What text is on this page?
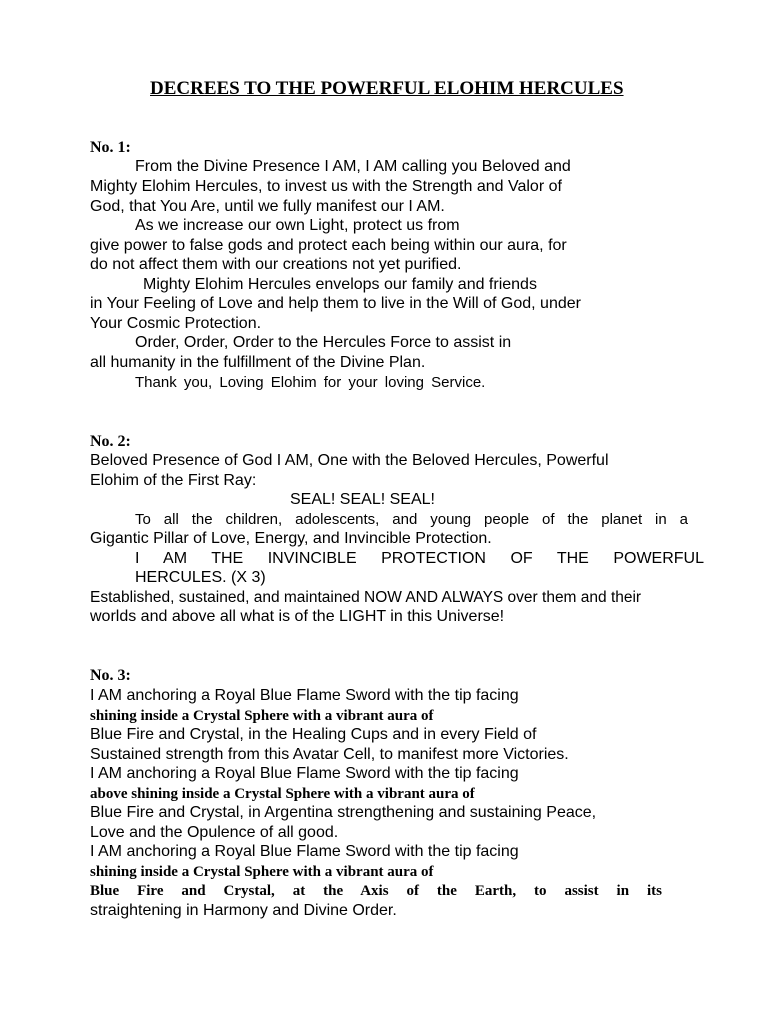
DECREES TO THE POWERFUL ELOHIM HERCULES
No. 1:
From the Divine Presence I AM, I AM calling you Beloved and
Mighty Elohim Hercules, to invest us with the Strength and Valor of
God, that You Are, until we fully manifest our I AM.
As we increase our own Light, protect us from
give power to false gods and protect each being within our aura, for
do not affect them with our creations not yet purified.
Mighty Elohim Hercules envelops our family and friends
in Your Feeling of Love and help them to live in the Will of God, under
Your Cosmic Protection.
Order, Order, Order to the Hercules Force to assist in
all humanity in the fulfillment of the Divine Plan.
Thank you, Loving Elohim for your loving Service.
No. 2:
Beloved Presence of God I AM, One with the Beloved Hercules, Powerful
Elohim of the First Ray:
SEAL! SEAL! SEAL!
To all the children, adolescents, and young people of the planet in a
Gigantic Pillar of Love, Energy, and Invincible Protection.
I AM THE INVINCIBLE PROTECTION OF THE POWERFUL
HERCULES. (X 3)
Established, sustained, and maintained NOW AND ALWAYS over them and their
worlds and above all what is of the LIGHT in this Universe!
No. 3:
I AM anchoring a Royal Blue Flame Sword with the tip facing
shining inside a Crystal Sphere with a vibrant aura of
Blue Fire and Crystal, in the Healing Cups and in every Field of
Sustained strength from this Avatar Cell, to manifest more Victories.
I AM anchoring a Royal Blue Flame Sword with the tip facing
above shining inside a Crystal Sphere with a vibrant aura of
Blue Fire and Crystal, in Argentina strengthening and sustaining Peace,
Love and the Opulence of all good.
I AM anchoring a Royal Blue Flame Sword with the tip facing
shining inside a Crystal Sphere with a vibrant aura of
Blue Fire and Crystal, at the Axis of the Earth, to assist in its
straightening in Harmony and Divine Order.
